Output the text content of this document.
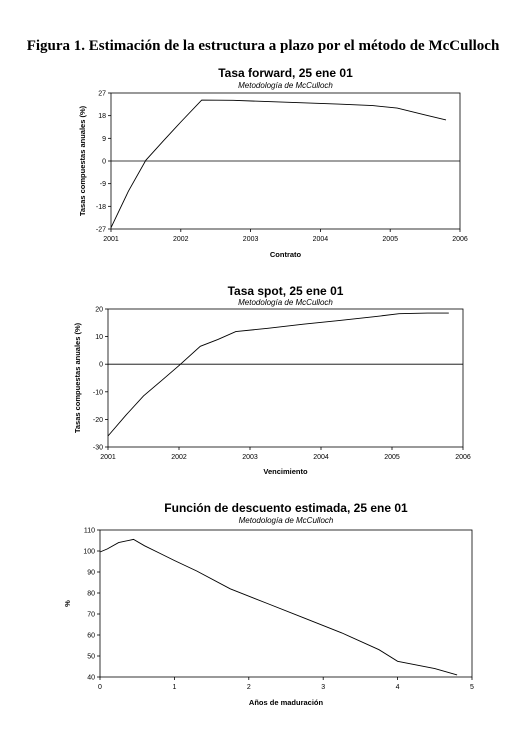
Figura 1. Estimación de la estructura a plazo por el método de McCulloch
Tasa forward, 25 ene 01
Metodología de McCulloch
-27
-18
-9
0
9
18
27
2001	2002	2003	2004	2005	2006
Contrato
Tasas compuestas anuales (%)
Tasa spot, 25 ene 01
Metodología de McCulloch
-30
-20
-10
0
10
20
2001	2002	2003	2004	2005	2006
Vencimiento
Tasas compuestas anuales (%)
Función de descuento estimada, 25 ene 01
Metodología de McCulloch
40
50
60
70
80
90
100
110
0	1	2	3	4	5
Años de maduración
%
